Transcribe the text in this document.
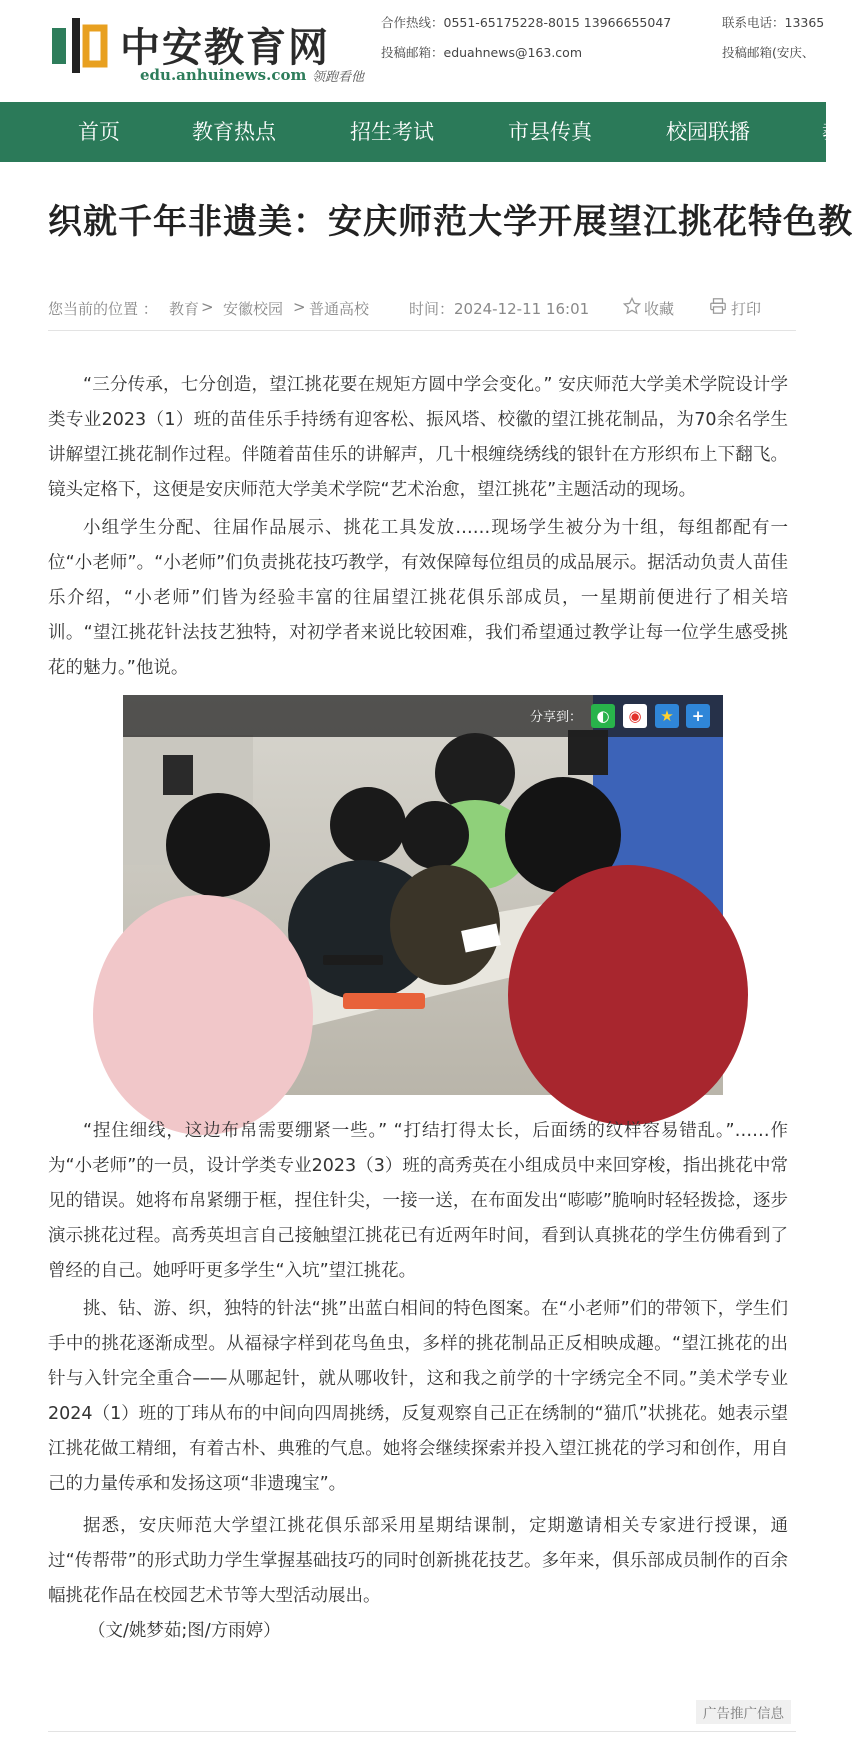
中安教育网
edu.anhuinews.com 领跑看他
合作热线：0551-65175228-8015 13966655047
投稿邮箱：eduahnews@163.com
联系电话：13365
投稿邮箱(安庆、
首页	教育热点	招生考试	市县传真	校园联播	教
织就千年非遗美：安庆师范大学开展望江挑花特色教
您当前的位置 ： 教育 > 安徽校园 > 普通高校	时间：2024-12-11 16:01	收藏	打印

“三分传承，七分创造，望江挑花要在规矩方圆中学会变化。” 安庆师范大学美术学院设计学类专业2023（1）班的苗佳乐手持绣有迎客松、振风塔、校徽的望江挑花制品，为70余名学生讲解望江挑花制作过程。伴随着苗佳乐的讲解声，几十根缠绕绣线的银针在方形织布上下翻飞。镜头定格下，这便是安庆师范大学美术学院“艺术治愈，望江挑花”主题活动的现场。

小组学生分配、往届作品展示、挑花工具发放……现场学生被分为十组，每组都配有一位“小老师”。“小老师”们负责挑花技巧教学，有效保障每位组员的成品展示。据活动负责人苗佳乐介绍，“小老师”们皆为经验丰富的往届望江挑花俱乐部成员，一星期前便进行了相关培训。“望江挑花针法技艺独特，对初学者来说比较困难，我们希望通过教学让每一位学生感受挑花的魅力。”他说。

分享到： ◐	◉	★	+

“捏住细线，这边布帛需要绷紧一些。” “打结打得太长，后面绣的纹样容易错乱。”……作为“小老师”的一员，设计学类专业2023（3）班的高秀英在小组成员中来回穿梭，指出挑花中常见的错误。她将布帛紧绷于框，捏住针尖，一接一送，在布面发出“嘭嘭”脆响时轻轻拨捻，逐步演示挑花过程。高秀英坦言自己接触望江挑花已有近两年时间，看到认真挑花的学生仿佛看到了曾经的自己。她呼吁更多学生“入坑”望江挑花。

挑、钻、游、织，独特的针法“挑”出蓝白相间的特色图案。在“小老师”们的带领下，学生们手中的挑花逐渐成型。从福禄字样到花鸟鱼虫，多样的挑花制品正反相映成趣。“望江挑花的出针与入针完全重合——从哪起针，就从哪收针，这和我之前学的十字绣完全不同。”美术学专业2024（1）班的丁玮从布的中间向四周挑绣，反复观察自己正在绣制的“猫爪”状挑花。她表示望江挑花做工精细，有着古朴、典雅的气息。她将会继续探索并投入望江挑花的学习和创作，用自己的力量传承和发扬这项“非遗瑰宝”。

据悉，安庆师范大学望江挑花俱乐部采用星期结课制，定期邀请相关专家进行授课，通过“传帮带”的形式助力学生掌握基础技巧的同时创新挑花技艺。多年来，俱乐部成员制作的百余幅挑花作品在校园艺术节等大型活动展出。

（文/姚梦茹;图/方雨婷）
广告推广信息
